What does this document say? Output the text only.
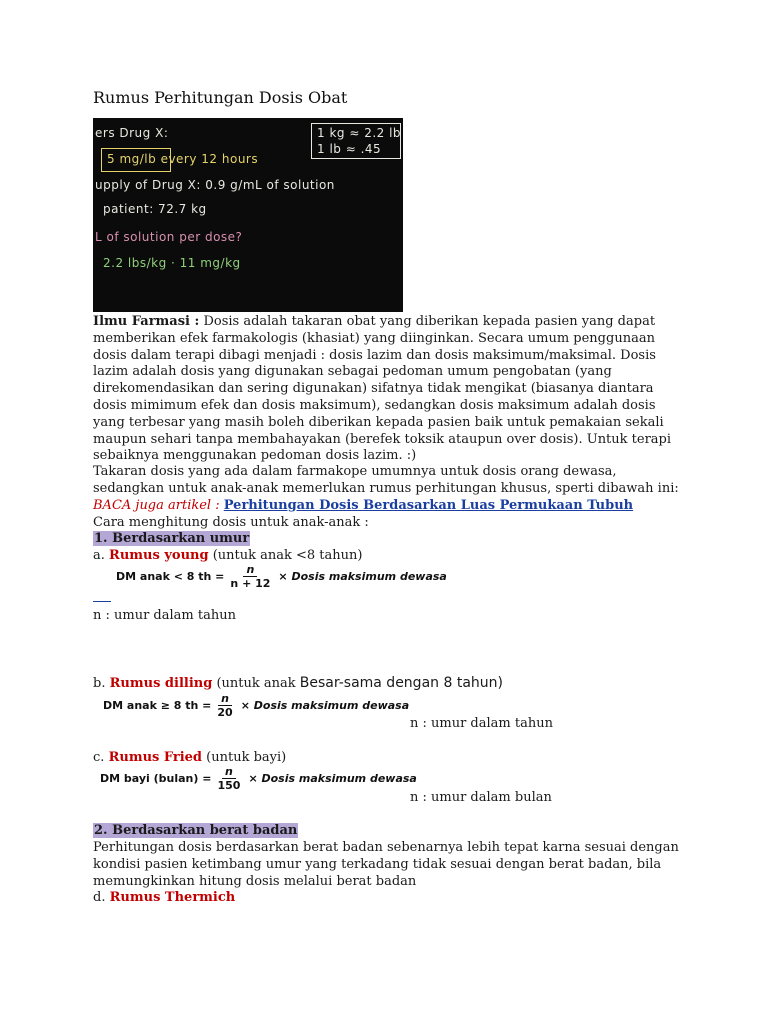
Rumus Perhitungan Dosis Obat
ers Drug X:	1 kg ≈ 2.2 lb
1 lb ≈ .45
5 mg/lb every 12 hours
upply of Drug X: 0.9 g/mL of solution
patient: 72.7 kg
L of solution per dose?
2.2 lbs/kg · 11 mg/kg
Ilmu Farmasi : Dosis adalah takaran obat yang diberikan kepada pasien yang dapat memberikan efek farmakologis (khasiat) yang diinginkan. Secara umum penggunaan dosis dalam terapi dibagi menjadi : dosis lazim dan dosis maksimum/maksimal. Dosis lazim adalah dosis yang digunakan sebagai pedoman umum pengobatan (yang direkomendasikan dan sering digunakan) sifatnya tidak mengikat (biasanya diantara dosis mimimum efek dan dosis maksimum), sedangkan dosis maksimum adalah dosis yang terbesar yang masih boleh diberikan kepada pasien baik untuk pemakaian sekali maupun sehari tanpa membahayakan (berefek toksik ataupun over dosis). Untuk terapi sebaiknya menggunakan pedoman dosis lazim. :)
Takaran dosis yang ada dalam farmakope umumnya untuk dosis orang dewasa, sedangkan untuk anak-anak memerlukan rumus perhitungan khusus, sperti dibawah ini:
BACA juga artikel : Perhitungan Dosis Berdasarkan Luas Permukaan Tubuh
Cara menghitung dosis untuk anak-anak :
1. Berdasarkan umur
a. Rumus young (untuk anak <8 tahun)
DM anak < 8 th = $\frac{n}{n + 12}$ × Dosis maksimum dewasa
n : umur dalam tahun
b. Rumus dilling (untuk anak Besar-sama dengan 8 tahun)
DM anak ≥ 8 th = $\frac{n}{20}$ × Dosis maksimum dewasa
n : umur dalam tahun
c. Rumus Fried (untuk bayi)
DM bayi (bulan) = $\frac{n}{150}$ × Dosis maksimum dewasa
n : umur dalam bulan
2. Berdasarkan berat badan
Perhitungan dosis berdasarkan berat badan sebenarnya lebih tepat karna sesuai dengan kondisi pasien ketimbang umur yang terkadang tidak sesuai dengan berat badan, bila memungkinkan hitung dosis melalui berat badan
d. Rumus Thermich
